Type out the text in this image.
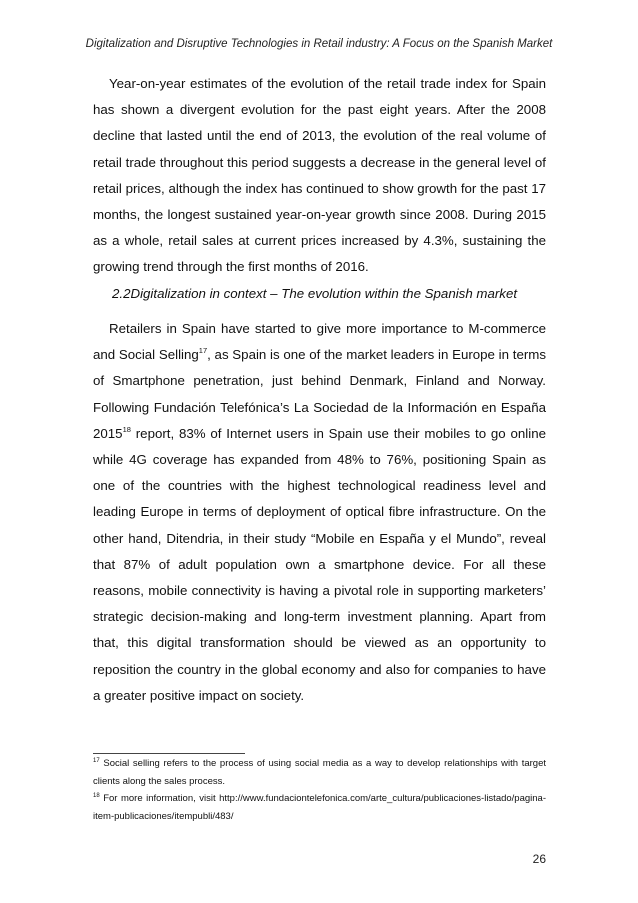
Digitalization and Disruptive Technologies in Retail industry: A Focus on the Spanish Market

Year-on-year estimates of the evolution of the retail trade index for Spain has shown a divergent evolution for the past eight years. After the 2008 decline that lasted until the end of 2013, the evolution of the real volume of retail trade throughout this period suggests a decrease in the general level of retail prices, although the index has continued to show growth for the past 17 months, the longest sustained year-on-year growth since 2008. During 2015 as a whole, retail sales at current prices increased by 4.3%, sustaining the growing trend through the first months of 2016.

2.2Digitalization in context – The evolution within the Spanish market

Retailers in Spain have started to give more importance to M-commerce and Social Selling$^{17}$, as Spain is one of the market leaders in Europe in terms of Smartphone penetration, just behind Denmark, Finland and Norway. Following Fundación Telefónica’s La Sociedad de la Información en España 2015$^{18}$ report, 83% of Internet users in Spain use their mobiles to go online while 4G coverage has expanded from 48% to 76%, positioning Spain as one of the countries with the highest technological readiness level and leading Europe in terms of deployment of optical fibre infrastructure. On the other hand, Ditendria, in their study “Mobile en España y el Mundo”, reveal that 87% of adult population own a smartphone device. For all these reasons, mobile connectivity is having a pivotal role in supporting marketers’ strategic decision-making and long-term investment planning. Apart from that, this digital transformation should be viewed as an opportunity to reposition the country in the global economy and also for companies to have a greater positive impact on society.

$^{17}$ Social selling refers to the process of using social media as a way to develop relationships with target clients along the sales process.

$^{18}$ For more information, visit http://www.fundaciontelefonica.com/arte_cultura/publicaciones-listado/pagina-item-publicaciones/itempubli/483/

26
